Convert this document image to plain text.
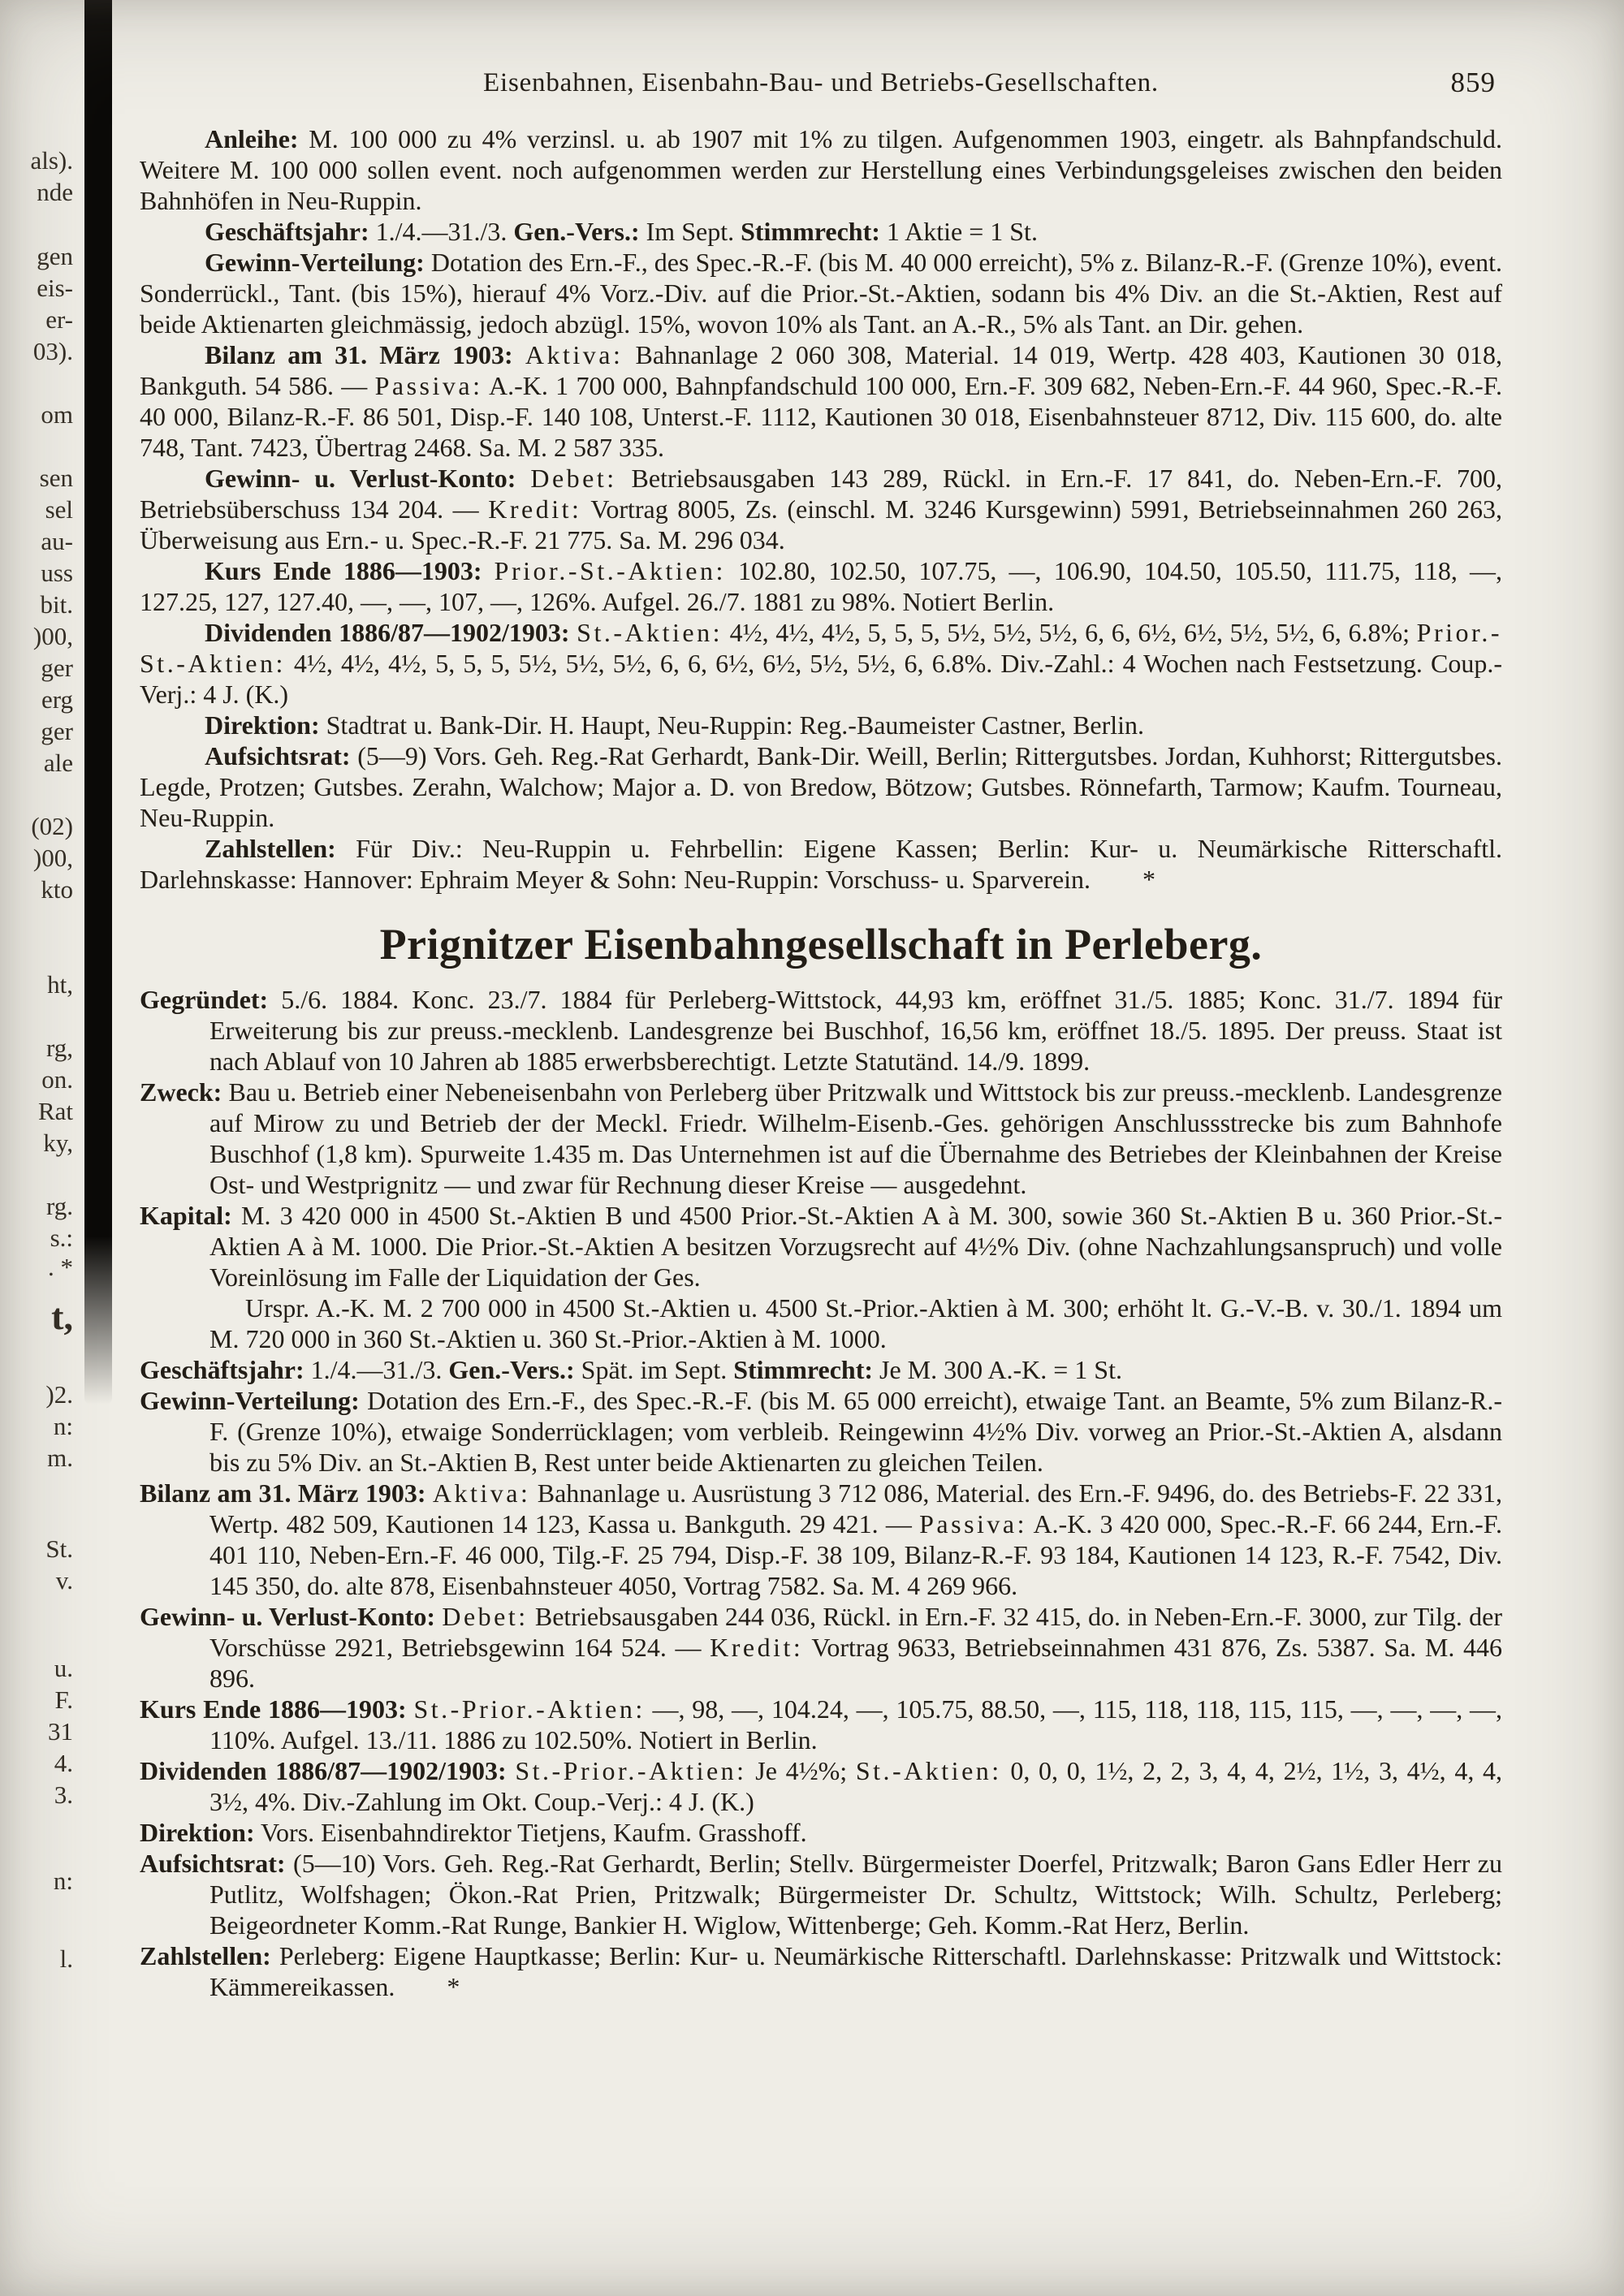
als).
nde
gen
eis-
er-
03).
om
sen
sel
au-
uss
bit.
)00,
ger
erg
ger
ale
(02)
)00,
kto
ht,
rg,
on.
Rat
ky,
rg.
s.:
. *
t,
)2.
n:
m.
St.
v.
u.
F.
31
4.
3.
n:
l.
Eisenbahnen, Eisenbahn-Bau- und Betriebs-Gesellschaften.	859

Anleihe: M. 100 000 zu 4% verzinsl. u. ab 1907 mit 1% zu tilgen. Aufgenommen 1903, eingetr. als Bahnpfandschuld. Weitere M. 100 000 sollen event. noch aufgenommen werden zur Herstellung eines Verbindungsgeleises zwischen den beiden Bahnhöfen in Neu-Ruppin.

Geschäftsjahr: 1./4.—31./3. Gen.-Vers.: Im Sept. Stimmrecht: 1 Aktie = 1 St.

Gewinn-Verteilung: Dotation des Ern.-F., des Spec.-R.-F. (bis M. 40 000 erreicht), 5% z. Bilanz-R.-F. (Grenze 10%), event. Sonderrückl., Tant. (bis 15%), hierauf 4% Vorz.-Div. auf die Prior.-St.-Aktien, sodann bis 4% Div. an die St.-Aktien, Rest auf beide Aktienarten gleichmässig, jedoch abzügl. 15%, wovon 10% als Tant. an A.-R., 5% als Tant. an Dir. gehen.

Bilanz am 31. März 1903: Aktiva: Bahnanlage 2 060 308, Material. 14 019, Wertp. 428 403, Kautionen 30 018, Bankguth. 54 586. — Passiva: A.-K. 1 700 000, Bahnpfandschuld 100 000, Ern.-F. 309 682, Neben-Ern.-F. 44 960, Spec.-R.-F. 40 000, Bilanz-R.-F. 86 501, Disp.-F. 140 108, Unterst.-F. 1112, Kautionen 30 018, Eisenbahnsteuer 8712, Div. 115 600, do. alte 748, Tant. 7423, Übertrag 2468. Sa. M. 2 587 335.

Gewinn- u. Verlust-Konto: Debet: Betriebsausgaben 143 289, Rückl. in Ern.-F. 17 841, do. Neben-Ern.-F. 700, Betriebsüberschuss 134 204. — Kredit: Vortrag 8005, Zs. (einschl. M. 3246 Kursgewinn) 5991, Betriebseinnahmen 260 263, Überweisung aus Ern.- u. Spec.-R.-F. 21 775. Sa. M. 296 034.

Kurs Ende 1886—1903: Prior.-St.-Aktien: 102.80, 102.50, 107.75, —, 106.90, 104.50, 105.50, 111.75, 118, —, 127.25, 127, 127.40, —, —, 107, —, 126%. Aufgel. 26./7. 1881 zu 98%. Notiert Berlin.

Dividenden 1886/87—1902/1903: St.-Aktien: 4½, 4½, 4½, 5, 5, 5, 5½, 5½, 5½, 6, 6, 6½, 6½, 5½, 5½, 6, 6.8%; Prior.-St.-Aktien: 4½, 4½, 4½, 5, 5, 5, 5½, 5½, 5½, 6, 6, 6½, 6½, 5½, 5½, 6, 6.8%. Div.-Zahl.: 4 Wochen nach Festsetzung. Coup.-Verj.: 4 J. (K.)

Direktion: Stadtrat u. Bank-Dir. H. Haupt, Neu-Ruppin: Reg.-Baumeister Castner, Berlin.

Aufsichtsrat: (5—9) Vors. Geh. Reg.-Rat Gerhardt, Bank-Dir. Weill, Berlin; Rittergutsbes. Jordan, Kuhhorst; Rittergutsbes. Legde, Protzen; Gutsbes. Zerahn, Walchow; Major a. D. von Bredow, Bötzow; Gutsbes. Rönnefarth, Tarmow; Kaufm. Tourneau, Neu-Ruppin.

Zahlstellen: Für Div.: Neu-Ruppin u. Fehrbellin: Eigene Kassen; Berlin: Kur- u. Neumärkische Ritterschaftl. Darlehnskasse: Hannover: Ephraim Meyer & Sohn: Neu-Ruppin: Vorschuss- u. Sparverein.  *

Prignitzer Eisenbahngesellschaft in Perleberg.

Gegründet: 5./6. 1884. Konc. 23./7. 1884 für Perleberg-Wittstock, 44,93 km, eröffnet 31./5. 1885; Konc. 31./7. 1894 für Erweiterung bis zur preuss.-mecklenb. Landesgrenze bei Buschhof, 16,56 km, eröffnet 18./5. 1895. Der preuss. Staat ist nach Ablauf von 10 Jahren ab 1885 erwerbsberechtigt. Letzte Statutänd. 14./9. 1899.

Zweck: Bau u. Betrieb einer Nebeneisenbahn von Perleberg über Pritzwalk und Wittstock bis zur preuss.-mecklenb. Landesgrenze auf Mirow zu und Betrieb der der Meckl. Friedr. Wilhelm-Eisenb.-Ges. gehörigen Anschlussstrecke bis zum Bahnhofe Buschhof (1,8 km). Spurweite 1.435 m. Das Unternehmen ist auf die Übernahme des Betriebes der Kleinbahnen der Kreise Ost- und Westprignitz — und zwar für Rechnung dieser Kreise — ausgedehnt.

Kapital: M. 3 420 000 in 4500 St.-Aktien B und 4500 Prior.-St.-Aktien A à M. 300, sowie 360 St.-Aktien B u. 360 Prior.-St.-Aktien A à M. 1000. Die Prior.-St.-Aktien A besitzen Vorzugsrecht auf 4½% Div. (ohne Nachzahlungsanspruch) und volle Voreinlösung im Falle der Liquidation der Ges.

Urspr. A.-K. M. 2 700 000 in 4500 St.-Aktien u. 4500 St.-Prior.-Aktien à M. 300; erhöht lt. G.-V.-B. v. 30./1. 1894 um M. 720 000 in 360 St.-Aktien u. 360 St.-Prior.-Aktien à M. 1000.

Geschäftsjahr: 1./4.—31./3. Gen.-Vers.: Spät. im Sept. Stimmrecht: Je M. 300 A.-K. = 1 St.

Gewinn-Verteilung: Dotation des Ern.-F., des Spec.-R.-F. (bis M. 65 000 erreicht), etwaige Tant. an Beamte, 5% zum Bilanz-R.-F. (Grenze 10%), etwaige Sonderrücklagen; vom verbleib. Reingewinn 4½% Div. vorweg an Prior.-St.-Aktien A, alsdann bis zu 5% Div. an St.-Aktien B, Rest unter beide Aktienarten zu gleichen Teilen.

Bilanz am 31. März 1903: Aktiva: Bahnanlage u. Ausrüstung 3 712 086, Material. des Ern.-F. 9496, do. des Betriebs-F. 22 331, Wertp. 482 509, Kautionen 14 123, Kassa u. Bankguth. 29 421. — Passiva: A.-K. 3 420 000, Spec.-R.-F. 66 244, Ern.-F. 401 110, Neben-Ern.-F. 46 000, Tilg.-F. 25 794, Disp.-F. 38 109, Bilanz-R.-F. 93 184, Kautionen 14 123, R.-F. 7542, Div. 145 350, do. alte 878, Eisenbahnsteuer 4050, Vortrag 7582. Sa. M. 4 269 966.

Gewinn- u. Verlust-Konto: Debet: Betriebsausgaben 244 036, Rückl. in Ern.-F. 32 415, do. in Neben-Ern.-F. 3000, zur Tilg. der Vorschüsse 2921, Betriebsgewinn 164 524. — Kredit: Vortrag 9633, Betriebseinnahmen 431 876, Zs. 5387. Sa. M. 446 896.

Kurs Ende 1886—1903: St.-Prior.-Aktien: —, 98, —, 104.24, —, 105.75, 88.50, —, 115, 118, 118, 115, 115, —, —, —, —, 110%. Aufgel. 13./11. 1886 zu 102.50%. Notiert in Berlin.

Dividenden 1886/87—1902/1903: St.-Prior.-Aktien: Je 4½%; St.-Aktien: 0, 0, 0, 1½, 2, 2, 3, 4, 4, 2½, 1½, 3, 4½, 4, 4, 3½, 4%. Div.-Zahlung im Okt. Coup.-Verj.: 4 J. (K.)

Direktion: Vors. Eisenbahndirektor Tietjens, Kaufm. Grasshoff.

Aufsichtsrat: (5—10) Vors. Geh. Reg.-Rat Gerhardt, Berlin; Stellv. Bürgermeister Doerfel, Pritzwalk; Baron Gans Edler Herr zu Putlitz, Wolfshagen; Ökon.-Rat Prien, Pritzwalk; Bürgermeister Dr. Schultz, Wittstock; Wilh. Schultz, Perleberg; Beigeordneter Komm.-Rat Runge, Bankier H. Wiglow, Wittenberge; Geh. Komm.-Rat Herz, Berlin.

Zahlstellen: Perleberg: Eigene Hauptkasse; Berlin: Kur- u. Neumärkische Ritterschaftl. Darlehnskasse: Pritzwalk und Wittstock: Kämmereikassen.  *
